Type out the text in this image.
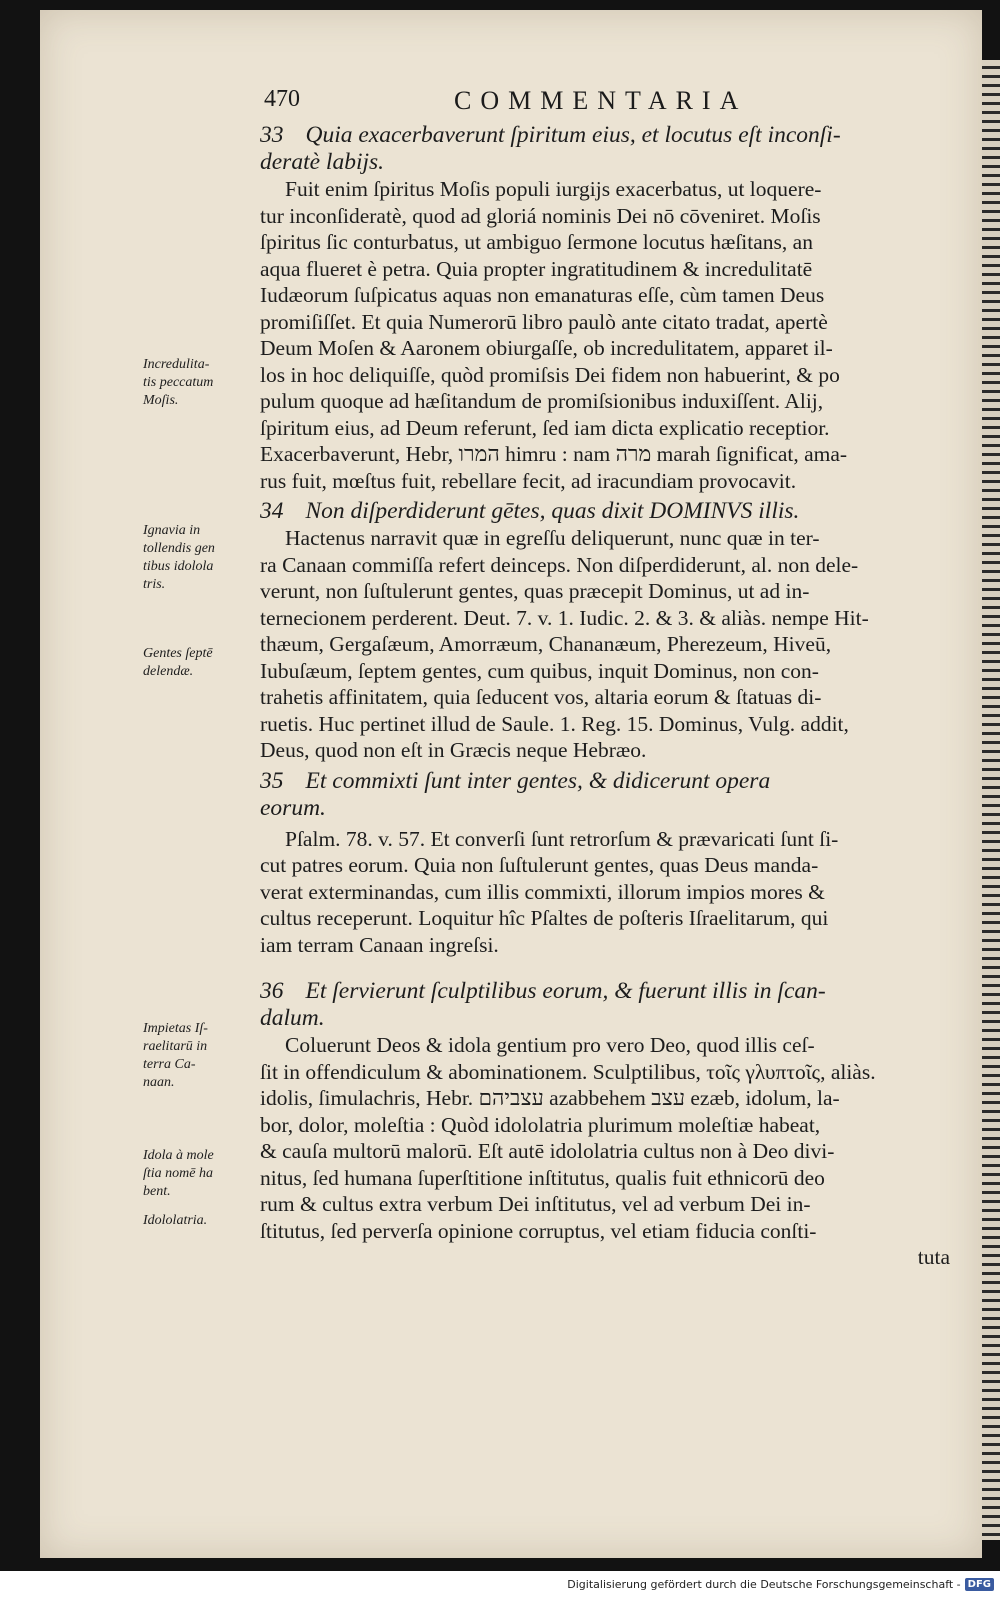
470	COMMENTARIA
Incredulita-
tis peccatum
Moſis.
Ignavia in
tollendis gen
tibus idolola
tris.
Gentes ſeptē
delendæ.
Impietas Iſ-
raelitarū in
terra Ca-
naan.
Idola à mole
ſtia nomē ha
bent.
Idololatria.
33 Quia exacerbaverunt ſpiritum eius, et locutus eſt inconſi-
deratè labijs.
Fuit enim ſpiritus Moſis populi iurgijs exacerbatus, ut loquere-
tur inconſideratè, quod ad gloriá nominis Dei nō cōveniret. Moſis
ſpiritus ſic conturbatus, ut ambiguo ſermone locutus hæſitans, an
aqua flueret è petra. Quia propter ingratitudinem & incredulitatē
Iudæorum ſuſpicatus aquas non emanaturas eſſe, cùm tamen Deus
promiſiſſet. Et quia Numerorū libro paulò ante citato tradat, apertè
Deum Moſen & Aaronem obiurgaſſe, ob incredulitatem, apparet il-
los in hoc deliquiſſe, quòd promiſsis Dei fidem non habuerint, & po
pulum quoque ad hæſitandum de promiſsionibus induxiſſent. Alij,
ſpiritum eius, ad Deum referunt, ſed iam dicta explicatio receptior.
Exacerbaverunt, Hebr, המרו himru : nam מרה marah ſignificat, ama-
rus fuit, mœſtus fuit, rebellare fecit, ad iracundiam provocavit.
34 Non diſperdiderunt gētes, quas dixit DOMINVS illis.
Hactenus narravit quæ in egreſſu deliquerunt, nunc quæ in ter-
ra Canaan commiſſa refert deinceps. Non diſperdiderunt, al. non dele-
verunt, non ſuſtulerunt gentes, quas præcepit Dominus, ut ad in-
ternecionem perderent. Deut. 7. v. 1. Iudic. 2. & 3. & aliàs. nempe Hit-
thæum, Gergaſæum, Amorræum, Chananæum, Pherezeum, Hiveū,
Iubuſæum, ſeptem gentes, cum quibus, inquit Dominus, non con-
trahetis affinitatem, quia ſeducent vos, altaria eorum & ſtatuas di-
ruetis. Huc pertinet illud de Saule. 1. Reg. 15. Dominus, Vulg. addit,
Deus, quod non eſt in Græcis neque Hebræo.
35 Et commixti ſunt inter gentes, & didicerunt opera
eorum.
Pſalm. 78. v. 57. Et converſi ſunt retrorſum & prævaricati ſunt ſi-
cut patres eorum. Quia non ſuſtulerunt gentes, quas Deus manda-
verat exterminandas, cum illis commixti, illorum impios mores &
cultus receperunt. Loquitur hîc Pſaltes de poſteris Iſraelitarum, qui
iam terram Canaan ingreſsi.
36 Et ſervierunt ſculptilibus eorum, & fuerunt illis in ſcan-
dalum.
Coluerunt Deos & idola gentium pro vero Deo, quod illis ceſ-
ſit in offendiculum & abominationem. Sculptilibus, τοῖς γλυπτοῖς, aliàs.
idolis, ſimulachris, Hebr. עצביהם azabbehem עצב ezæb, idolum, la-
bor, dolor, moleſtia : Quòd idololatria plurimum moleſtiæ habeat,
& cauſa multorū malorū. Eſt autē idololatria cultus non à Deo divi-
nitus, ſed humana ſuperſtitione inſtitutus, qualis fuit ethnicorū deo
rum & cultus extra verbum Dei inſtitutus, vel ad verbum Dei in-
ſtitutus, ſed perverſa opinione corruptus, vel etiam fiducia conſti-
tuta
Digitalisierung gefördert durch die Deutsche Forschungsgemeinschaft - DFG
